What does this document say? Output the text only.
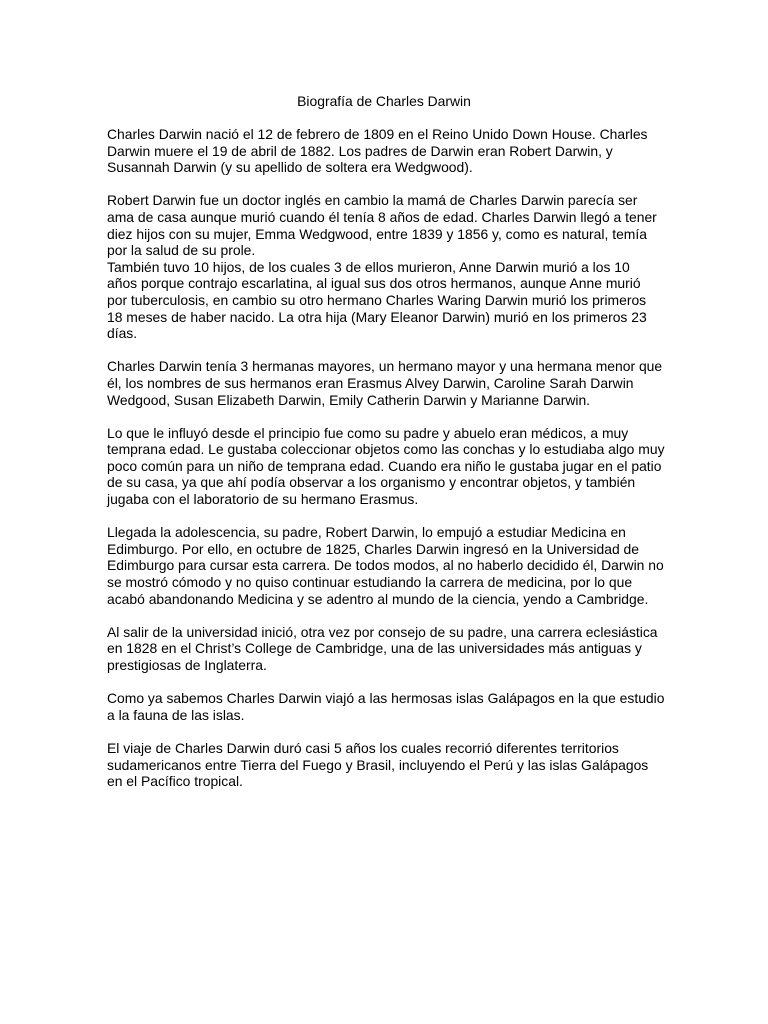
Biografía de Charles Darwin

Charles Darwin nació el 12 de febrero de 1809 en el Reino Unido Down House. Charles
Darwin muere el 19 de abril de 1882. Los padres de Darwin eran Robert Darwin, y
Susannah Darwin (y su apellido de soltera era Wedgwood).

Robert Darwin fue un doctor inglés en cambio la mamá de Charles Darwin parecía ser
ama de casa aunque murió cuando él tenía 8 años de edad. Charles Darwin llegó a tener
diez hijos con su mujer, Emma Wedgwood, entre 1839 y 1856 y, como es natural, temía
por la salud de su prole.

También tuvo 10 hijos, de los cuales 3 de ellos murieron, Anne Darwin murió a los 10
años porque contrajo escarlatina, al igual sus dos otros hermanos, aunque Anne murió
por tuberculosis, en cambio su otro hermano Charles Waring Darwin murió los primeros
18 meses de haber nacido. La otra hija (Mary Eleanor Darwin) murió en los primeros 23
días.

Charles Darwin tenía 3 hermanas mayores, un hermano mayor y una hermana menor que
él, los nombres de sus hermanos eran Erasmus Alvey Darwin, Caroline Sarah Darwin
Wedgood, Susan Elizabeth Darwin, Emily Catherin Darwin y Marianne Darwin.

Lo que le influyó desde el principio fue como su padre y abuelo eran médicos, a muy
temprana edad. Le gustaba coleccionar objetos como las conchas y lo estudiaba algo muy
poco común para un niño de temprana edad. Cuando era niño le gustaba jugar en el patio
de su casa, ya que ahí podía observar a los organismo y encontrar objetos, y también
jugaba con el laboratorio de su hermano Erasmus.

Llegada la adolescencia, su padre, Robert Darwin, lo empujó a estudiar Medicina en
Edimburgo. Por ello, en octubre de 1825, Charles Darwin ingresó en la Universidad de
Edimburgo para cursar esta carrera. De todos modos, al no haberlo decidido él, Darwin no
se mostró cómodo y no quiso continuar estudiando la carrera de medicina, por lo que
acabó abandonando Medicina y se adentro al mundo de la ciencia, yendo a Cambridge.

Al salir de la universidad inició, otra vez por consejo de su padre, una carrera eclesiástica
en 1828 en el Christ’s College de Cambridge, una de las universidades más antiguas y
prestigiosas de Inglaterra.

Como ya sabemos Charles Darwin viajó a las hermosas islas Galápagos en la que estudio
a la fauna de las islas.

El viaje de Charles Darwin duró casi 5 años los cuales recorrió diferentes territorios
sudamericanos entre Tierra del Fuego y Brasil, incluyendo el Perú y las islas Galápagos
en el Pacífico tropical.
